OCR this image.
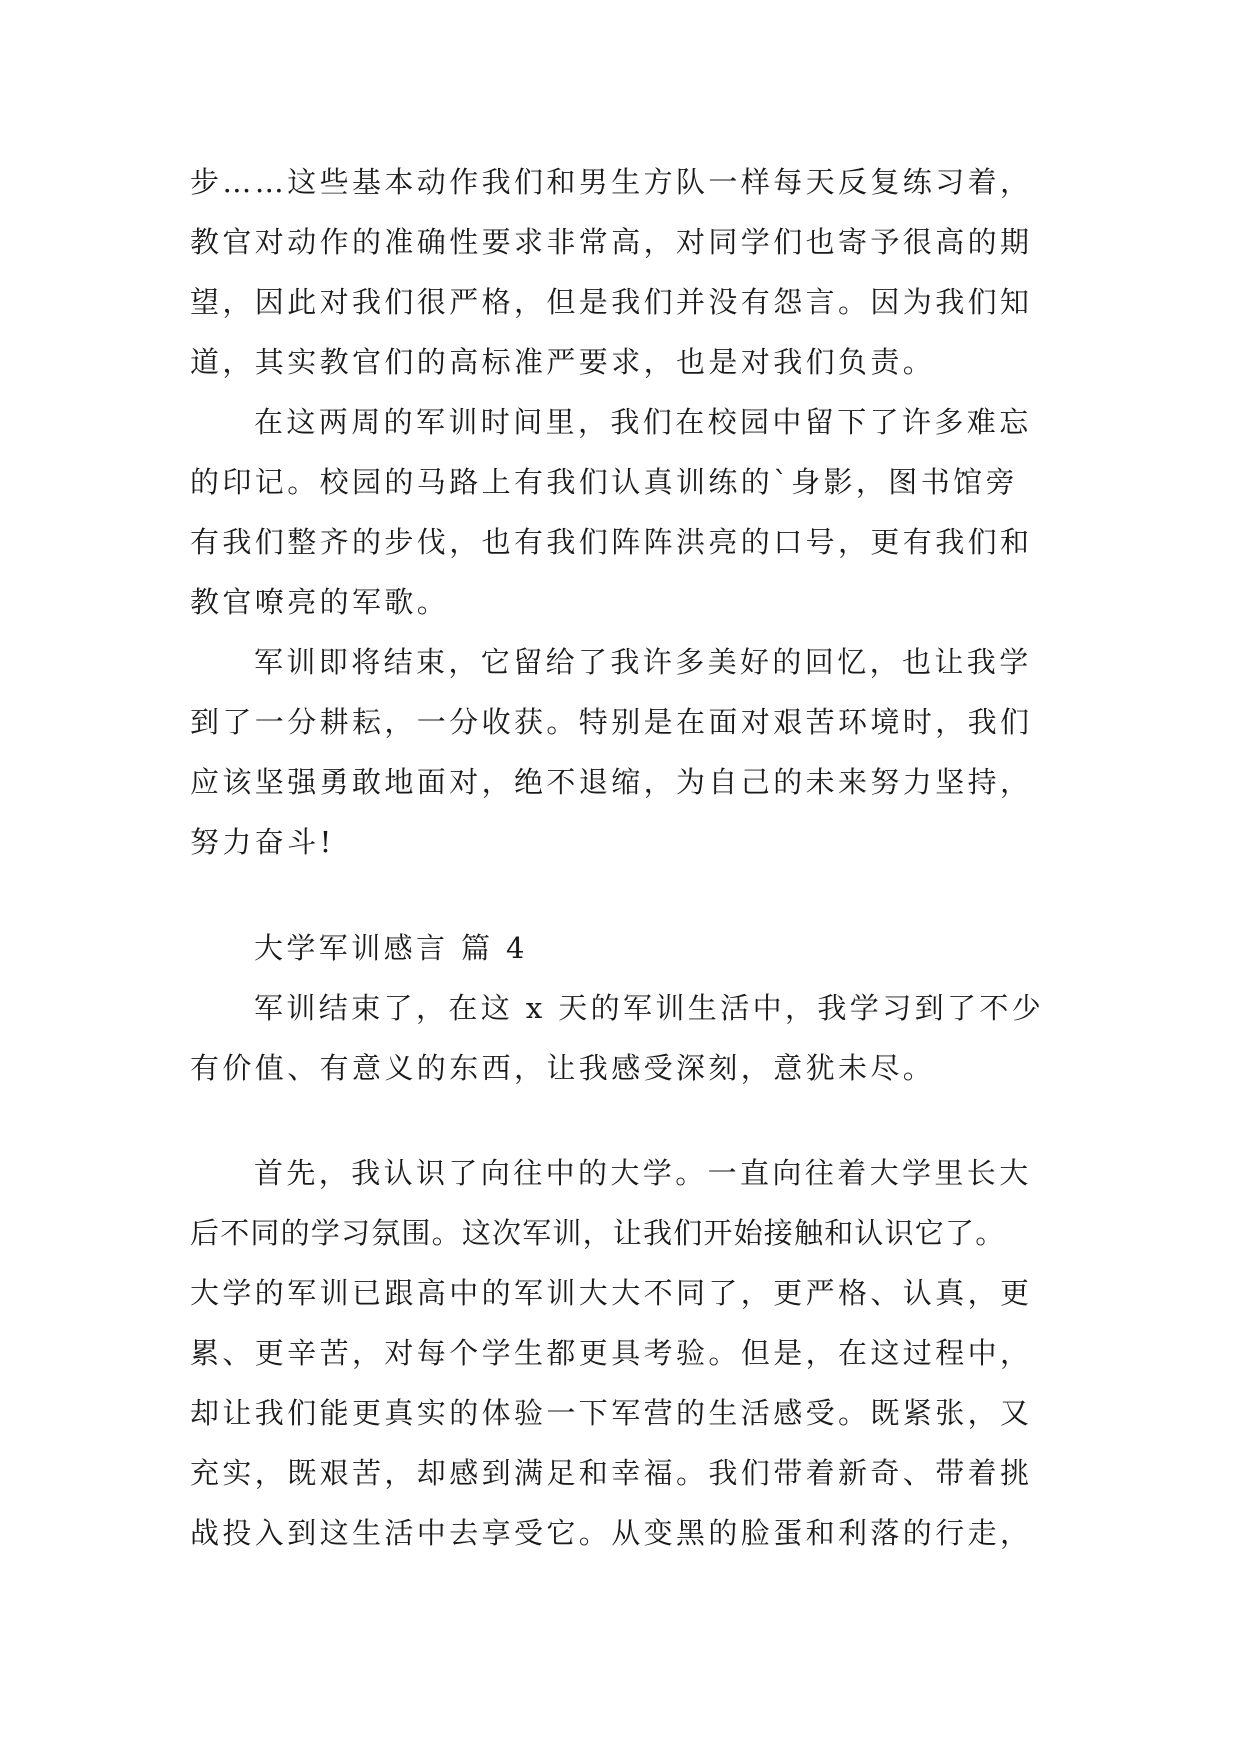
步……这些基本动作我们和男生方队一样每天反复练习着，
教官对动作的准确性要求非常高，对同学们也寄予很高的期
望，因此对我们很严格，但是我们并没有怨言。因为我们知
道，其实教官们的高标准严要求，也是对我们负责。
在这两周的军训时间里，我们在校园中留下了许多难忘
的印记。校园的马路上有我们认真训练的`身影，图书馆旁
有我们整齐的步伐，也有我们阵阵洪亮的口号，更有我们和
教官嘹亮的军歌。
军训即将结束，它留给了我许多美好的回忆，也让我学
到了一分耕耘，一分收获。特别是在面对艰苦环境时，我们
应该坚强勇敢地面对，绝不退缩，为自己的未来努力坚持，
努力奋斗!
大学军训感言 篇 4
军训结束了，在这 x 天的军训生活中，我学习到了不少
有价值、有意义的东西，让我感受深刻，意犹未尽。
首先，我认识了向往中的大学。一直向往着大学里长大
后不同的学习氛围。这次军训，让我们开始接触和认识它了。
大学的军训已跟高中的军训大大不同了，更严格、认真，更
累、更辛苦，对每个学生都更具考验。但是，在这过程中，
却让我们能更真实的体验一下军营的生活感受。既紧张，又
充实，既艰苦，却感到满足和幸福。我们带着新奇、带着挑
战投入到这生活中去享受它。从变黑的脸蛋和利落的行走，
